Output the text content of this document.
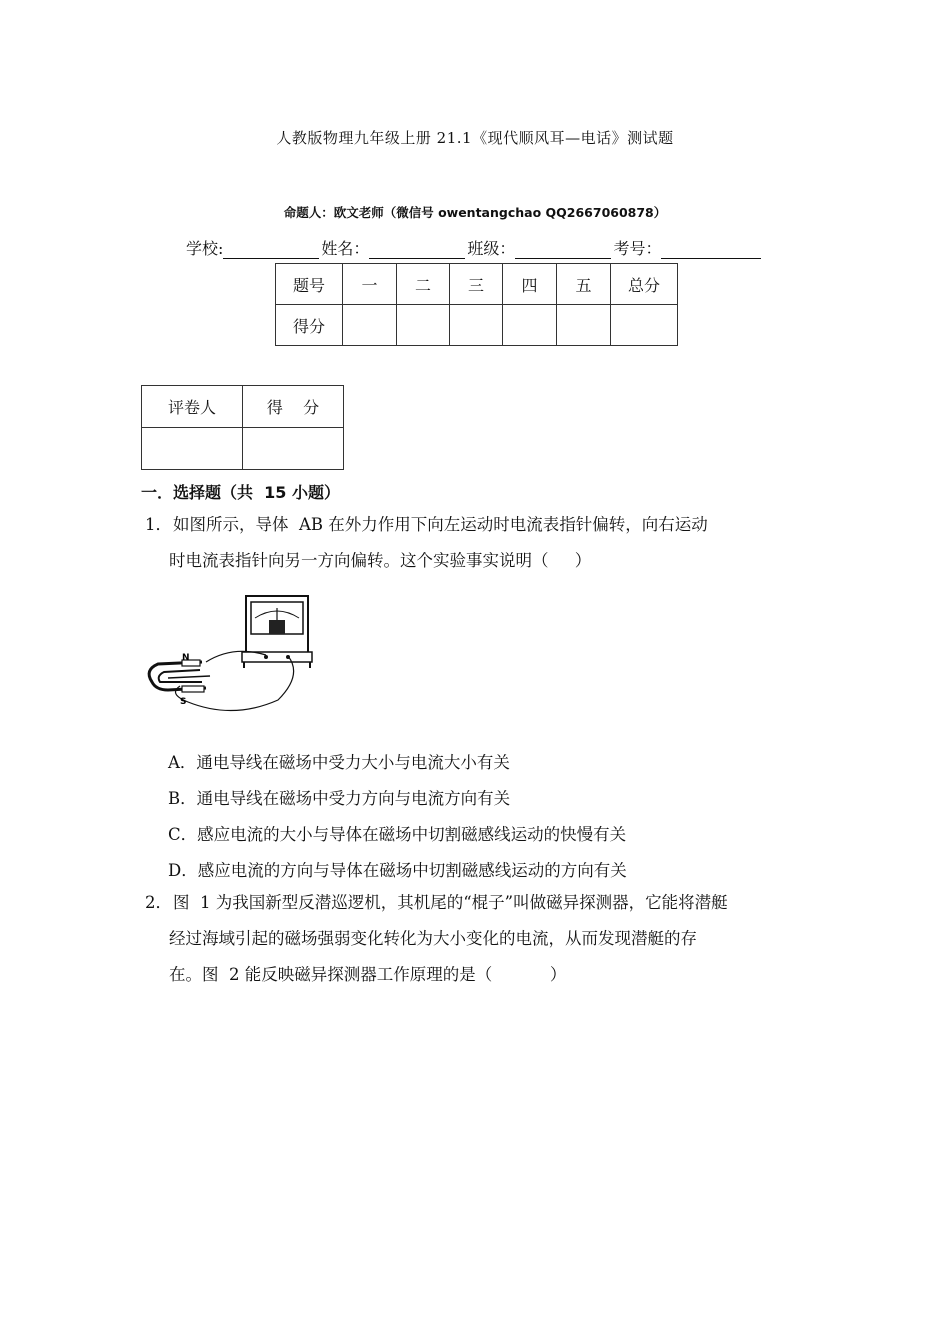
人教版物理九年级上册 21.1《现代顺风耳—电话》测试题
命题人：欧文老师（微信号 owentangchao QQ2667060878）
学校:	姓名：	班级：	考号：
题号	一	二	三	四	五	总分
得分						
评卷人	得    分

一．选择题（共  15 小题）
1． 如图所示，导体  AB 在外力作用下向左运动时电流表指针偏转，向右运动
时电流表指针向另一方向偏转。这个实验事实说明（     ）
N
S
A．通电导线在磁场中受力大小与电流大小有关
B．通电导线在磁场中受力方向与电流方向有关
C．感应电流的大小与导体在磁场中切割磁感线运动的快慢有关
D．感应电流的方向与导体在磁场中切割磁感线运动的方向有关
2． 图  1 为我国新型反潜巡逻机，其机尾的“棍子”叫做磁异探测器，它能将潜艇
经过海域引起的磁场强弱变化转化为大小变化的电流，从而发现潜艇的存
在。图  2 能反映磁异探测器工作原理的是（           ）
